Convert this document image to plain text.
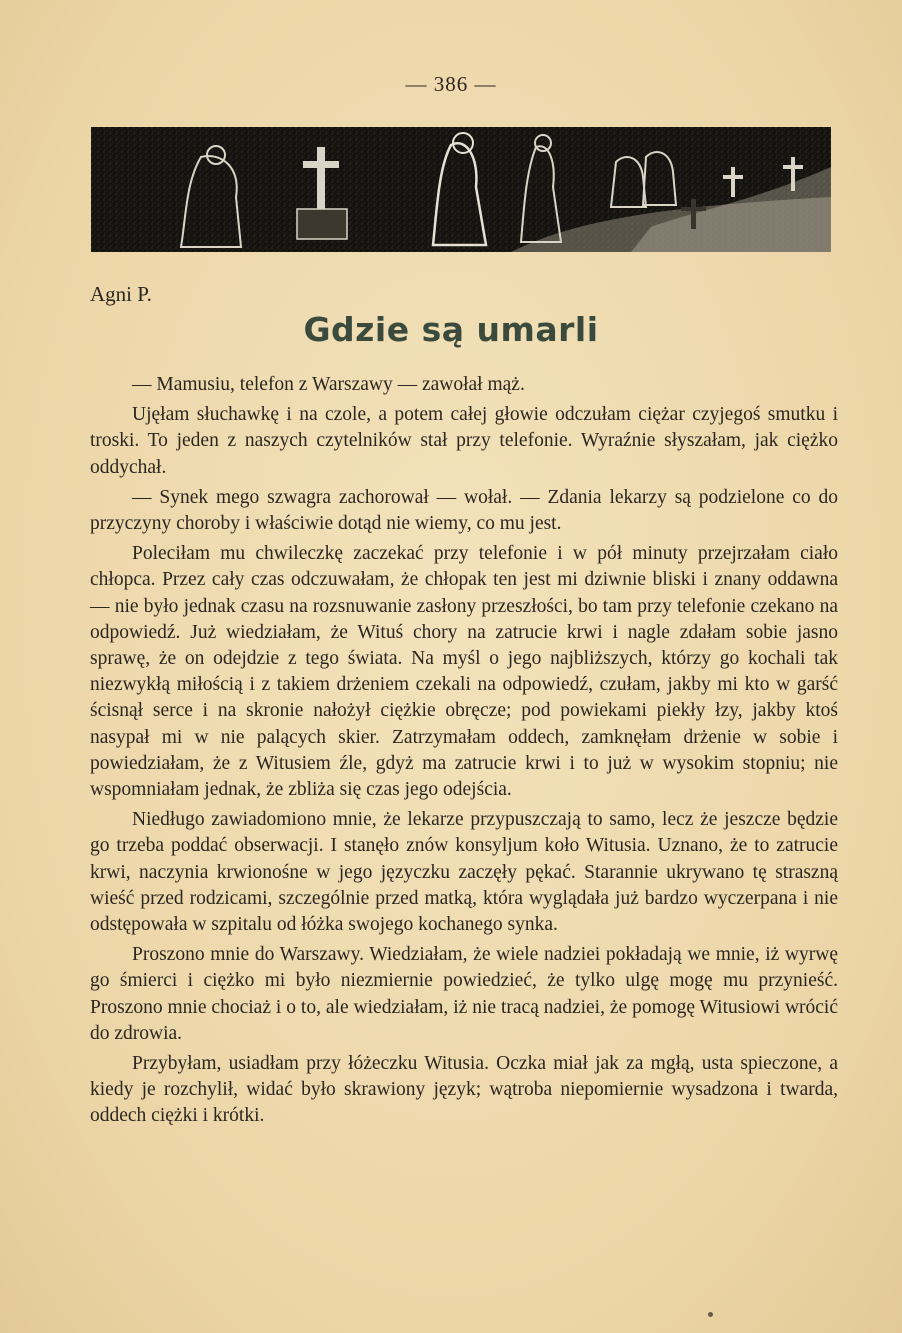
— 386 —
Agni P.
Gdzie są umarli

— Mamusiu, telefon z Warszawy — zawołał mąż.

Ujęłam słuchawkę i na czole, a potem całej głowie odczułam ciężar czyjegoś smutku i troski. To jeden z naszych czytelników stał przy telefonie. Wyraźnie słyszałam, jak ciężko oddychał.

— Synek mego szwagra zachorował — wołał. — Zdania lekarzy są podzielone co do przyczyny choroby i właściwie dotąd nie wiemy, co mu jest.

Poleciłam mu chwileczkę zaczekać przy telefonie i w pół minuty przejrzałam ciało chłopca. Przez cały czas odczuwałam, że chłopak ten jest mi dziwnie bliski i znany oddawna — nie było jednak czasu na rozsnuwanie zasłony przeszłości, bo tam przy telefonie czekano na odpowiedź. Już wiedziałam, że Wituś chory na zatrucie krwi i nagle zdałam sobie jasno sprawę, że on odejdzie z tego świata. Na myśl o jego najbliższych, którzy go kochali tak niezwykłą miłością i z takiem drżeniem czekali na odpowiedź, czułam, jakby mi kto w garść ścisnął serce i na skronie nałożył ciężkie obręcze; pod powiekami piekły łzy, jakby ktoś nasypał mi w nie palących skier. Zatrzymałam oddech, zamknęłam drżenie w sobie i powiedziałam, że z Witusiem źle, gdyż ma zatrucie krwi i to już w wysokim stopniu; nie wspomniałam jednak, że zbliża się czas jego odejścia.

Niedługo zawiadomiono mnie, że lekarze przypuszczają to samo, lecz że jeszcze będzie go trzeba poddać obserwacji. I stanęło znów konsyljum koło Witusia. Uznano, że to zatrucie krwi, naczynia krwionośne w jego języczku zaczęły pękać. Starannie ukrywano tę straszną wieść przed rodzicami, szczególnie przed matką, która wyglądała już bardzo wyczerpana i nie odstępowała w szpitalu od łóżka swojego kochanego synka.

Proszono mnie do Warszawy. Wiedziałam, że wiele nadziei pokładają we mnie, iż wyrwę go śmierci i ciężko mi było niezmiernie powiedzieć, że tylko ulgę mogę mu przynieść. Proszono mnie chociaż i o to, ale wiedziałam, iż nie tracą nadziei, że pomogę Witusiowi wrócić do zdrowia.

Przybyłam, usiadłam przy łóżeczku Witusia. Oczka miał jak za mgłą, usta spieczone, a kiedy je rozchylił, widać było skrawiony język; wątroba niepomiernie wysadzona i twarda, oddech ciężki i krótki.
